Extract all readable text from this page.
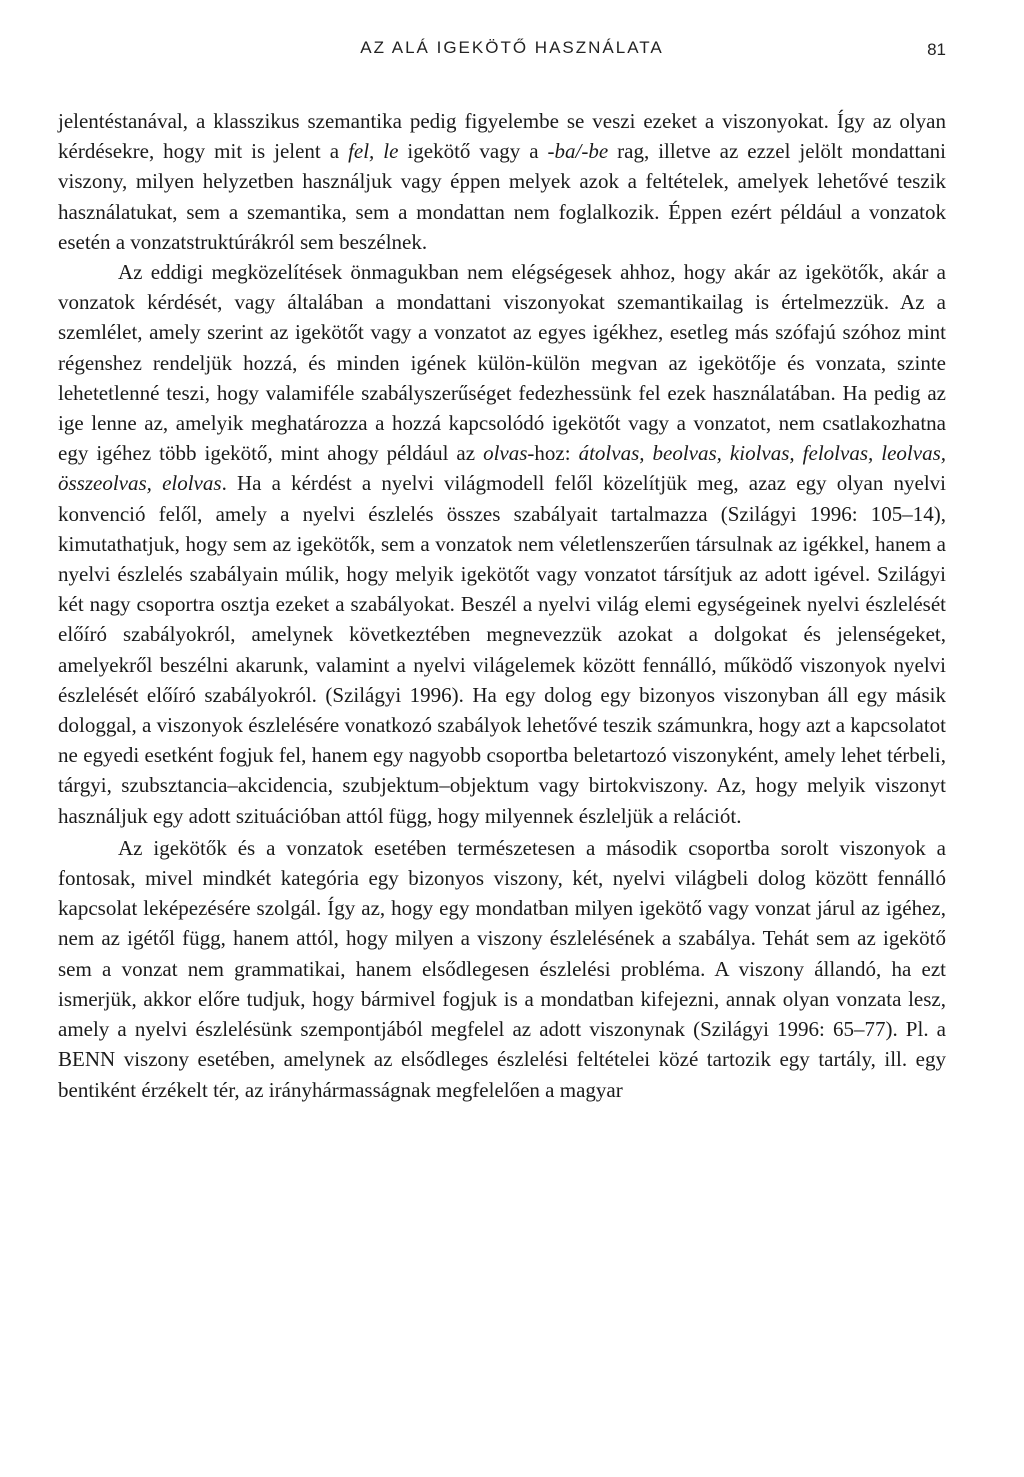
AZ ALÁ IGEKÖTŐ HASZNÁLATA	81

jelentéstanával, a klasszikus szemantika pedig figyelembe se veszi ezeket a viszonyokat. Így az olyan kérdésekre, hogy mit is jelent a fel, le igekötő vagy a -ba/-be rag, illetve az ezzel jelölt mondattani viszony, milyen helyzetben használjuk vagy éppen melyek azok a feltételek, amelyek lehetővé teszik használatukat, sem a szemantika, sem a mondattan nem foglalkozik. Éppen ezért például a vonzatok esetén a vonzatstruktúrákról sem beszélnek.

Az eddigi megközelítések önmagukban nem elégségesek ahhoz, hogy akár az igekötők, akár a vonzatok kérdését, vagy általában a mondattani viszonyokat szemantikailag is értelmezzük. Az a szemlélet, amely szerint az igekötőt vagy a vonzatot az egyes igékhez, esetleg más szófajú szóhoz mint régenshez rendeljük hozzá, és minden igének külön-külön megvan az igekötője és vonzata, szinte lehetetlenné teszi, hogy valamiféle szabályszerűséget fedezhessünk fel ezek használatában. Ha pedig az ige lenne az, amelyik meghatározza a hozzá kapcsolódó igekötőt vagy a vonzatot, nem csatlakozhatna egy igéhez több igekötő, mint ahogy például az olvas-hoz: átolvas, beolvas, kiolvas, felolvas, leolvas, összeolvas, elolvas. Ha a kérdést a nyelvi világmodell felől közelítjük meg, azaz egy olyan nyelvi konvenció felől, amely a nyelvi észlelés összes szabályait tartalmazza (Szilágyi 1996: 105–14), kimutathatjuk, hogy sem az igekötők, sem a vonzatok nem véletlenszerűen társulnak az igékkel, hanem a nyelvi észlelés szabályain múlik, hogy melyik igekötőt vagy vonzatot társítjuk az adott igével. Szilágyi két nagy csoportra osztja ezeket a szabályokat. Beszél a nyelvi világ elemi egységeinek nyelvi észlelését előíró szabályokról, amelynek következtében megnevezzük azokat a dolgokat és jelenségeket, amelyekről beszélni akarunk, valamint a nyelvi világelemek között fennálló, működő viszonyok nyelvi észlelését előíró szabályokról. (Szilágyi 1996). Ha egy dolog egy bizonyos viszonyban áll egy másik dologgal, a viszonyok észlelésére vonatkozó szabályok lehetővé teszik számunkra, hogy azt a kapcsolatot ne egyedi esetként fogjuk fel, hanem egy nagyobb csoportba beletartozó viszonyként, amely lehet térbeli, tárgyi, szubsztancia–akcidencia, szubjektum–objektum vagy birtokviszony. Az, hogy melyik viszonyt használjuk egy adott szituációban attól függ, hogy milyennek észleljük a relációt.

Az igekötők és a vonzatok esetében természetesen a második csoportba sorolt viszonyok a fontosak, mivel mindkét kategória egy bizonyos viszony, két, nyelvi világbeli dolog között fennálló kapcsolat leképezésére szolgál. Így az, hogy egy mondatban milyen igekötő vagy vonzat járul az igéhez, nem az igétől függ, hanem attól, hogy milyen a viszony észlelésének a szabálya. Tehát sem az igekötő sem a vonzat nem grammatikai, hanem elsődlegesen észlelési probléma. A viszony állandó, ha ezt ismerjük, akkor előre tudjuk, hogy bármivel fogjuk is a mondatban kifejezni, annak olyan vonzata lesz, amely a nyelvi észlelésünk szempontjából megfelel az adott viszonynak (Szilágyi 1996: 65–77). Pl. a BENN viszony esetében, amelynek az elsődleges észlelési feltételei közé tartozik egy tartály, ill. egy bentiként érzékelt tér, az irányhármasságnak megfelelően a magyar
